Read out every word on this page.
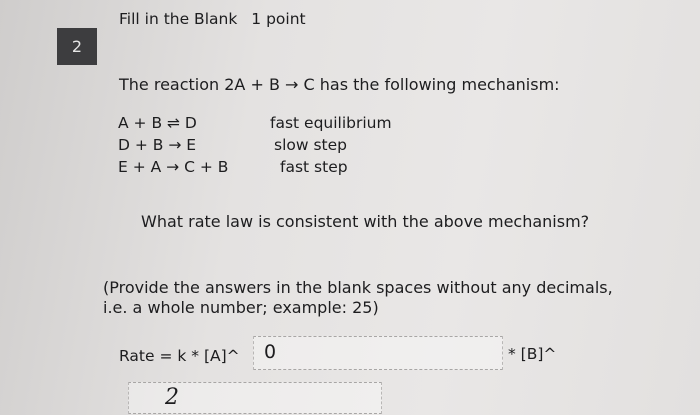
2
Fill in the Blank 1 point
The reaction 2A + B → C has the following mechanism:
A + B ⇌ D	fast equilibrium
D + B → E	slow step
E + A → C + B	fast step
What rate law is consistent with the above mechanism?
(Provide the answers in the blank spaces without any decimals,
i.e. a whole number; example: 25)
Rate = k * [A]^ 0	* [B]^
2
